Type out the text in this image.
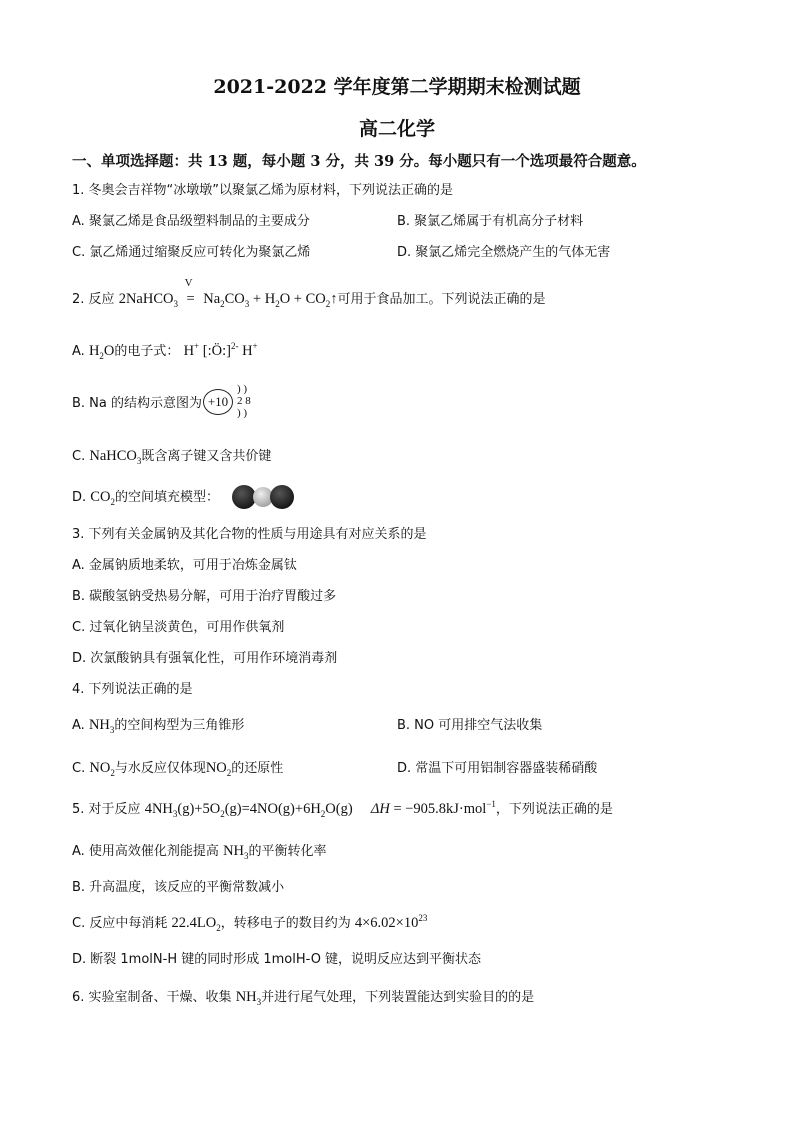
2021-2022 学年度第二学期期末检测试题
高二化学
一、单项选择题：共 13 题，每小题 3 分，共 39 分。每小题只有一个选项最符合题意。
1. 冬奥会吉祥物“冰墩墩”以聚氯乙烯为原材料，下列说法正确的是
A. 聚氯乙烯是食品级塑料制品的主要成分	B. 聚氯乙烯属于有机高分子材料
C. 氯乙烯通过缩聚反应可转化为聚氯乙烯	D. 聚氯乙烯完全燃烧产生的气体无害
2. 反应 2NaHCO$_3$
V
= $Na_2CO_3 + H_2O$ + $CO_2↑$可用于食品加工。下列说法正确的是
A. $H_2O$的电子式： H+ [:Ö:]$^{2-}$ H+
B. Na 的结构示意图为 +10
) )
2 8
) )
C. NaHCO$_3$既含离子键又含共价键
D. $CO_2$的空间填充模型：
3. 下列有关金属钠及其化合物的性质与用途具有对应关系的是
A. 金属钠质地柔软，可用于冶炼金属钛
B. 碳酸氢钠受热易分解，可用于治疗胃酸过多
C. 过氧化钠呈淡黄色，可用作供氧剂
D. 次氯酸钠具有强氧化性，可用作环境消毒剂
4. 下列说法正确的是
A. $NH_3$的空间构型为三角锥形	B. NO 可用排空气法收集
C. $NO_2$与水反应仅体现$NO_2$的还原性	D. 常温下可用铝制容器盛装稀硝酸
5. 对于反应 $4NH_3(g)+5O_2(g)=4NO(g)+6H_2O(g) \Delta H = -905.8kJ\cdot mol^{-1}$，下列说法正确的是
A. 使用高效催化剂能提高 $NH_3$的平衡转化率
B. 升高温度，该反应的平衡常数减小
C. 反应中每消耗 $22.4LO_2$，转移电子的数目约为 $4\times 6.02\times 10^{23}$
D. 断裂 1molN-H 键的同时形成 1molH-O 键，说明反应达到平衡状态
6. 实验室制备、干燥、收集 $NH_3$并进行尾气处理，下列装置能达到实验目的的是
